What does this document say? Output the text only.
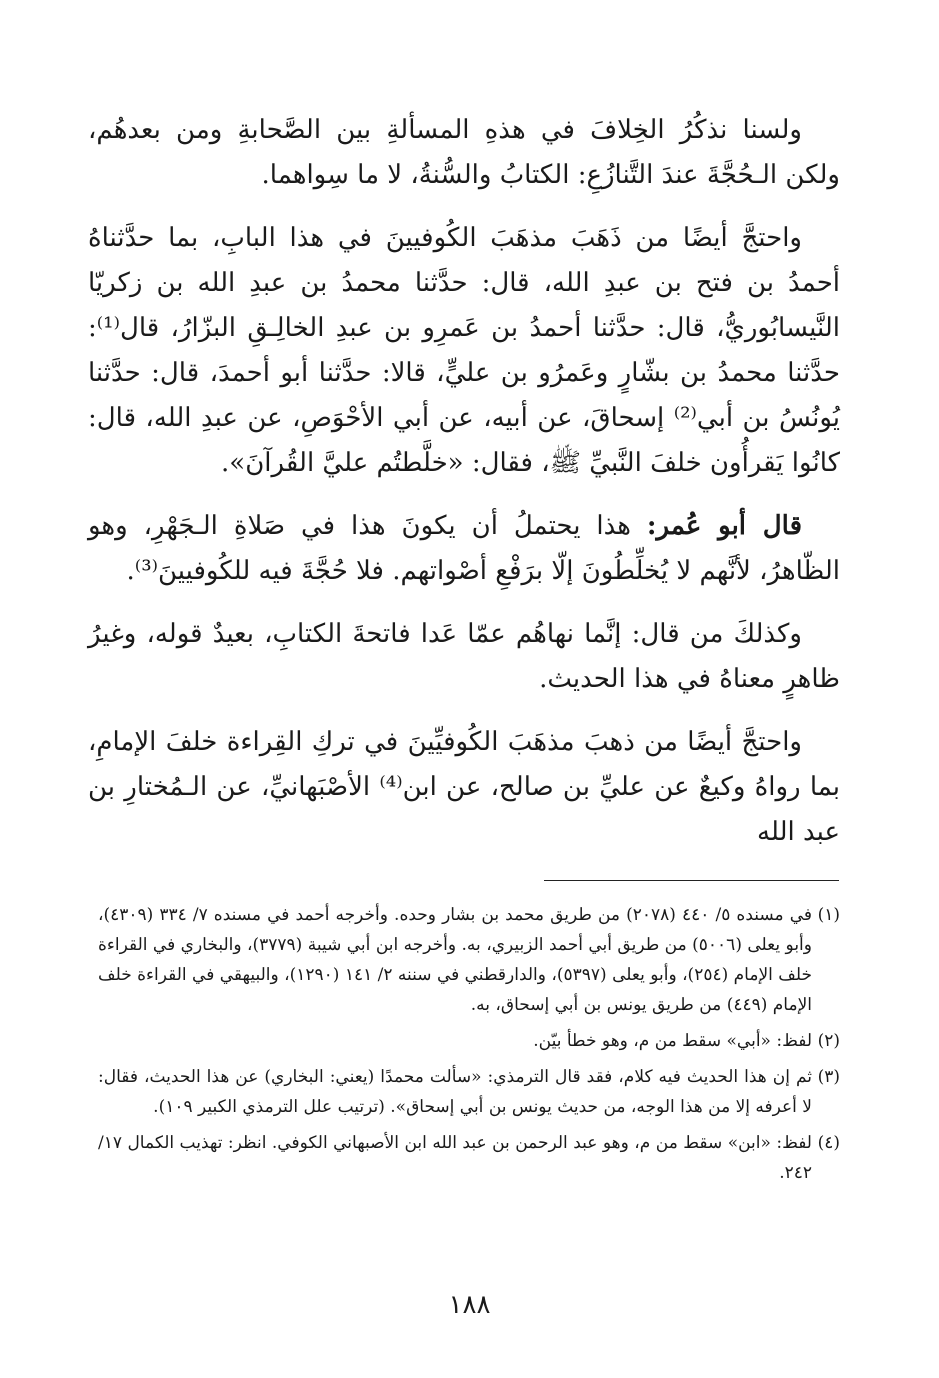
ولسنا نذكُرُ الخِلافَ في هذهِ المسألةِ بين الصَّحابةِ ومن بعدهُم، ولكن الـحُجَّةَ عندَ التَّنازُعِ: الكتابُ والسُّنةُ، لا ما سِواهما.

واحتجَّ أيضًا من ذَهَبَ مذهَبَ الكُوفيينَ في هذا البابِ، بما حدَّثناهُ أحمدُ بن فتح بن عبدِ الله، قال: حدَّثنا محمدُ بن عبدِ الله بن زكريّا النَّيسابُوريُّ، قال: حدَّثنا أحمدُ بن عَمرِو بن عبدِ الخالِـقِ البزّارُ، قال⁽¹⁾: حدَّثنا محمدُ بن بشّارٍ وعَمرُو بن عليٍّ، قالا: حدَّثنا أبو أحمدَ، قال: حدَّثنا يُونُسُ بن أبي⁽²⁾ إسحاقَ، عن أبيه، عن أبي الأحْوَصِ، عن عبدِ الله، قال: كانُوا يَقرأُون خلفَ النَّبيِّ ﷺ، فقال: «خلَّطتُم عليَّ القُرآنَ».

قال أبو عُمر: هذا يحتملُ أن يكونَ هذا في صَلاةِ الـجَهْرِ، وهو الظّاهرُ، لأنَّهم لا يُخلِّطُونَ إلّا برَفْعِ أصْواتهم. فلا حُجَّةَ فيه للكُوفيينَ⁽³⁾.

وكذلكَ من قال: إنَّما نهاهُم عمّا عَدا فاتحةَ الكتابِ، بعيدٌ قوله، وغيرُ ظاهرٍ معناهُ في هذا الحديث.

واحتجَّ أيضًا من ذهبَ مذهَبَ الكُوفيِّينَ في تركِ القِراءة خلفَ الإمامِ، بما رواهُ وكيعٌ عن عليِّ بن صالح، عن ابن⁽⁴⁾ الأصْبَهانيِّ، عن الـمُختارِ بن عبد الله

(١)
في مسنده ٥/ ٤٤٠ (٢٠٧٨) من طريق محمد بن بشار وحده. وأخرجه أحمد في مسنده ٧/ ٣٣٤ (٤٣٠٩)، وأبو يعلى (٥٠٠٦) من طريق أبي أحمد الزبيري، به. وأخرجه ابن أبي شيبة (٣٧٧٩)، والبخاري في القراءة خلف الإمام (٢٥٤)، وأبو يعلى (٥٣٩٧)، والدارقطني في سننه ٢/ ١٤١ (١٢٩٠)، والبيهقي في القراءة خلف الإمام (٤٤٩) من طريق يونس بن أبي إسحاق، به.

(٢)
لفظ: «أبي» سقط من م، وهو خطأ بيّن.

(٣)
ثم إن هذا الحديث فيه كلام، فقد قال الترمذي: «سألت محمدًا (يعني: البخاري) عن هذا الحديث، فقال: لا أعرفه إلا من هذا الوجه، من حديث يونس بن أبي إسحاق». (ترتيب علل الترمذي الكبير ١٠٩).

(٤)
لفظ: «ابن» سقط من م، وهو عبد الرحمن بن عبد الله ابن الأصبهاني الكوفي. انظر: تهذيب الكمال ١٧/ ٢٤٢.

١٨٨
